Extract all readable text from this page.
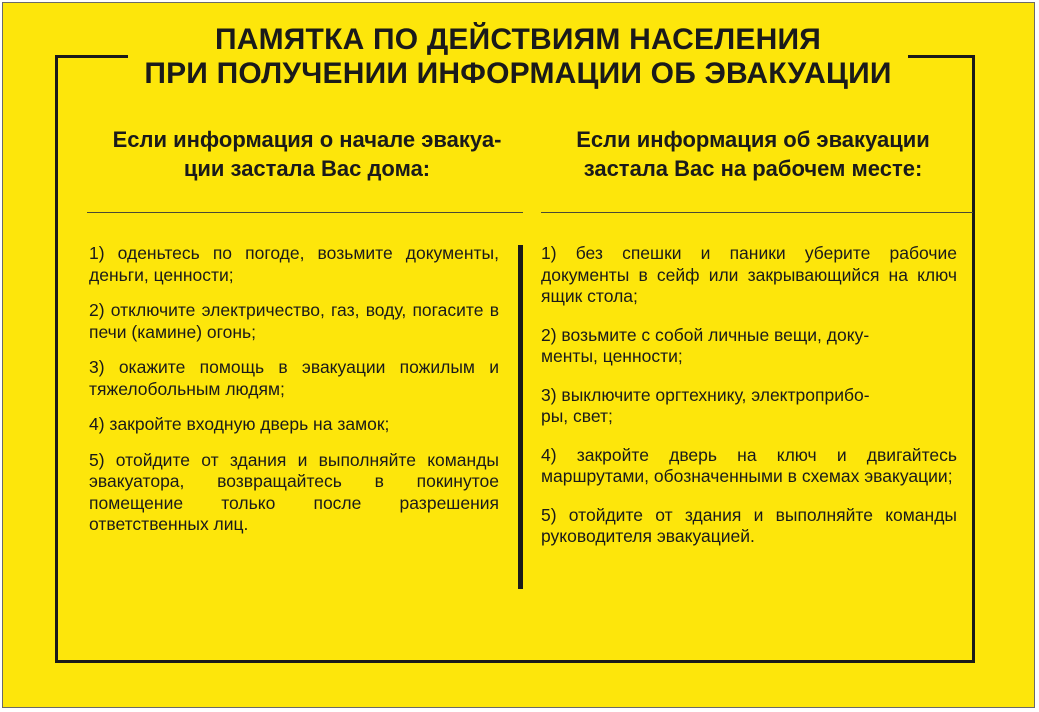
ПАМЯТКА ПО ДЕЙСТВИЯМ НАСЕЛЕНИЯ
ПРИ ПОЛУЧЕНИИ ИНФОРМАЦИИ ОБ ЭВАКУАЦИИ
Если информация о начале эвакуа-
ции застала Вас дома:
Если информация об эвакуации
застала Вас на рабочем месте:
1) оденьтесь по погоде, возьмите документы, деньги, ценности;
2) отключите электричество, газ, воду, погасите в печи (камине) огонь;
3) окажите помощь в эвакуации пожилым и тяжелобольным людям;
4) закройте входную дверь на замок;
5) отойдите от здания и выполняйте команды эвакуатора, возвращайтесь в покинутое помещение только после разрешения ответственных лиц.
1) без спешки и паники уберите рабочие документы в сейф или закрывающийся на ключ ящик стола;
2) возьмите с собой личные вещи, доку-
менты, ценности;
3) выключите оргтехнику, электроприбо-
ры, свет;
4) закройте дверь на ключ и двигайтесь маршрутами, обозначенными в схемах эвакуации;
5) отойдите от здания и выполняйте команды руководителя эвакуацией.
